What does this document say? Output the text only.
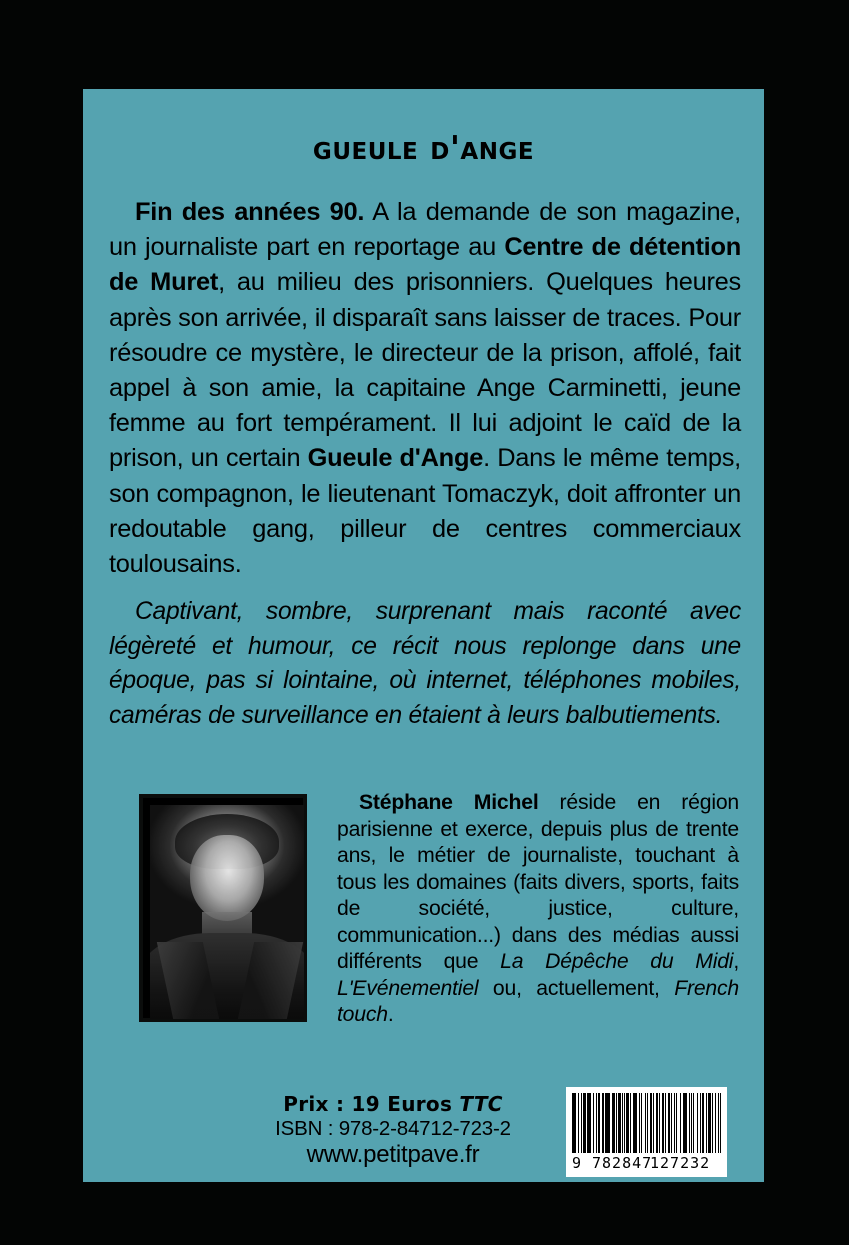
gueule d'ange
Fin des années 90. A la demande de son magazine, un journaliste part en reportage au Centre de détention de Muret, au milieu des prisonniers. Quelques heures après son arrivée, il disparaît sans laisser de traces. Pour résoudre ce mystère, le directeur de la prison, affolé, fait appel à son amie, la capitaine Ange Carminetti, jeune femme au fort tempérament. Il lui adjoint le caïd de la prison, un certain Gueule d'Ange. Dans le même temps, son compagnon, le lieutenant Tomaczyk, doit affronter un redoutable gang, pilleur de centres commerciaux toulousains.
Captivant, sombre, surprenant mais raconté avec légèreté et humour, ce récit nous replonge dans une époque, pas si lointaine, où internet, téléphones mobiles, caméras de surveillance en étaient à leurs balbutiements.
Stéphane Michel réside en région parisienne et exerce, depuis plus de trente ans, le métier de journaliste, touchant à tous les domaines (faits divers, sports, faits de société, justice, culture, communication...) dans des médias aussi différents que La Dépêche du Midi, L'Evénementiel ou, actuellement, French touch.
Prix : 19 Euros TTC
ISBN : 978-2-84712-723-2
www.petitpave.fr	9 782847
127232
